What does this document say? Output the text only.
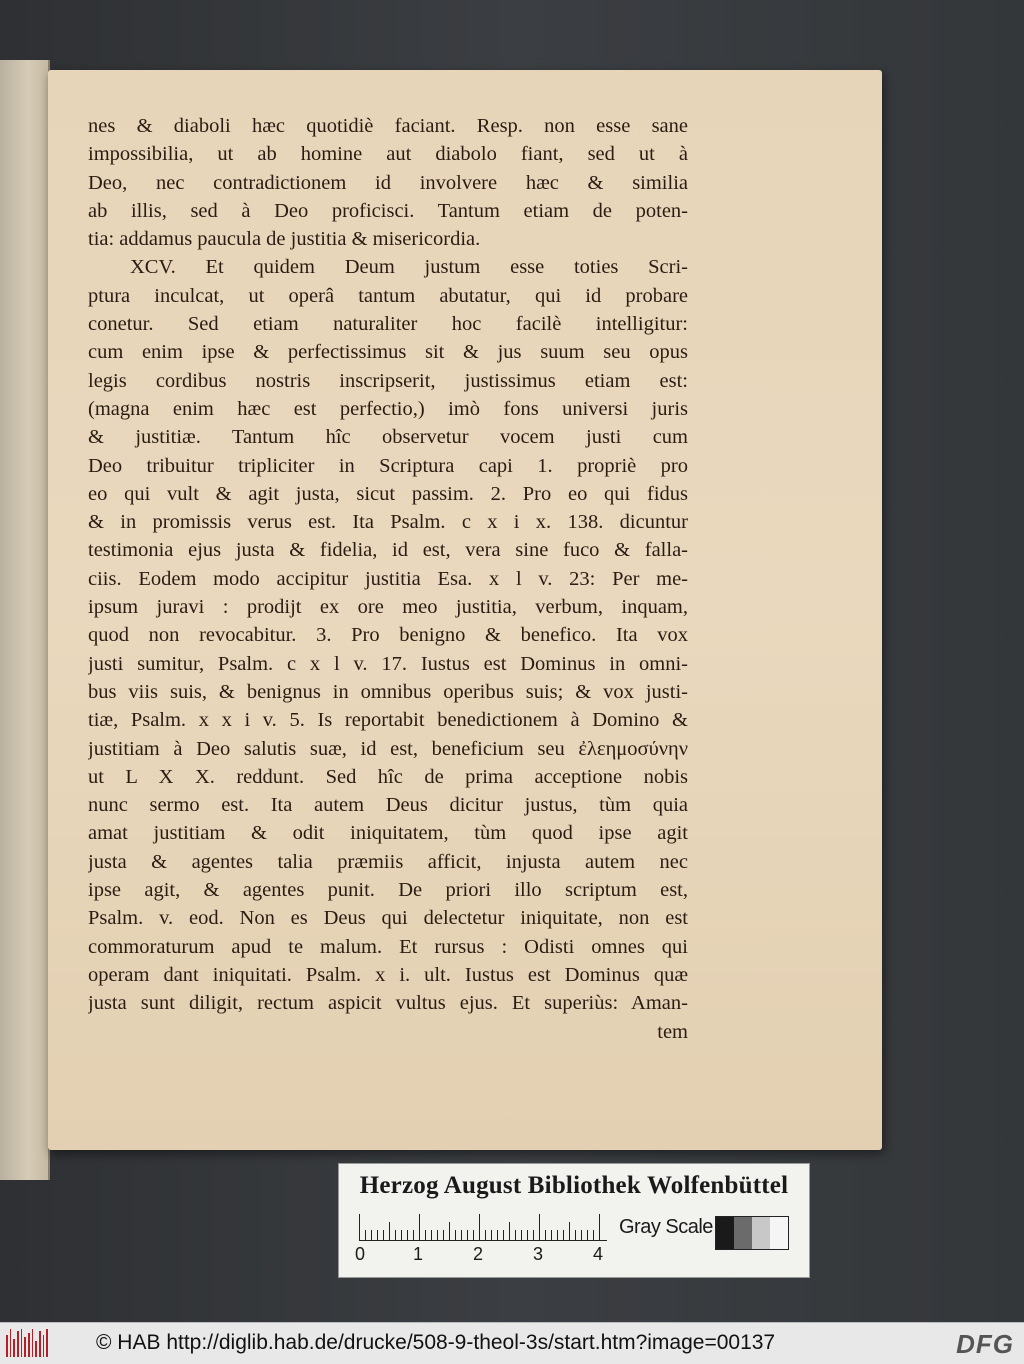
nes & diaboli hæc quotidiè faciant. Resp. non esse sane
impossibilia, ut ab homine aut diabolo fiant, sed ut à
Deo, nec contradictionem id involvere hæc & similia
ab illis, sed à Deo proficisci. Tantum etiam de poten-
tia: addamus paucula de justitia & misericordia.
XCV. Et quidem Deum justum esse toties Scri-
ptura inculcat, ut operâ tantum abutatur, qui id probare
conetur. Sed etiam naturaliter hoc facilè intelligitur:
cum enim ipse & perfectissimus sit & jus suum seu opus
legis cordibus nostris inscripserit, justissimus etiam est:
(magna enim hæc est perfectio,) imò fons universi juris
& justitiæ. Tantum hîc observetur vocem justi cum
Deo tribuitur tripliciter in Scriptura capi 1. propriè pro
eo qui vult & agit justa, sicut passim. 2. Pro eo qui fidus
& in promissis verus est. Ita Psalm. c x i x. 138. dicuntur
testimonia ejus justa & fidelia, id est, vera sine fuco & falla-
ciis. Eodem modo accipitur justitia Esa. x l v. 23: Per me-
ipsum juravi : prodijt ex ore meo justitia, verbum, inquam,
quod non revocabitur. 3. Pro benigno & benefico. Ita vox
justi sumitur, Psalm. c x l v. 17. Iustus est Dominus in omni-
bus viis suis, & benignus in omnibus operibus suis; & vox justi-
tiæ, Psalm. x x i v. 5. Is reportabit benedictionem à Domino &
justitiam à Deo salutis suæ, id est, beneficium seu ἐλεημοσύνην
ut L X X. reddunt. Sed hîc de prima acceptione nobis
nunc sermo est. Ita autem Deus dicitur justus, tùm quia
amat justitiam & odit iniquitatem, tùm quod ipse agit
justa & agentes talia præmiis afficit, injusta autem nec
ipse agit, & agentes punit. De priori illo scriptum est,
Psalm. v. eod. Non es Deus qui delectetur iniquitate, non est
commoraturum apud te malum. Et rursus : Odisti omnes qui
operam dant iniquitati. Psalm. x i. ult. Iustus est Dominus quæ
justa sunt diligit, rectum aspicit vultus ejus. Et superiùs: Aman-
tem
Herzog August Bibliothek Wolfenbüttel
0	1	2	3	4
Gray Scale
© HAB http://diglib.hab.de/drucke/508-9-theol-3s/start.htm?image=00137	DFG
